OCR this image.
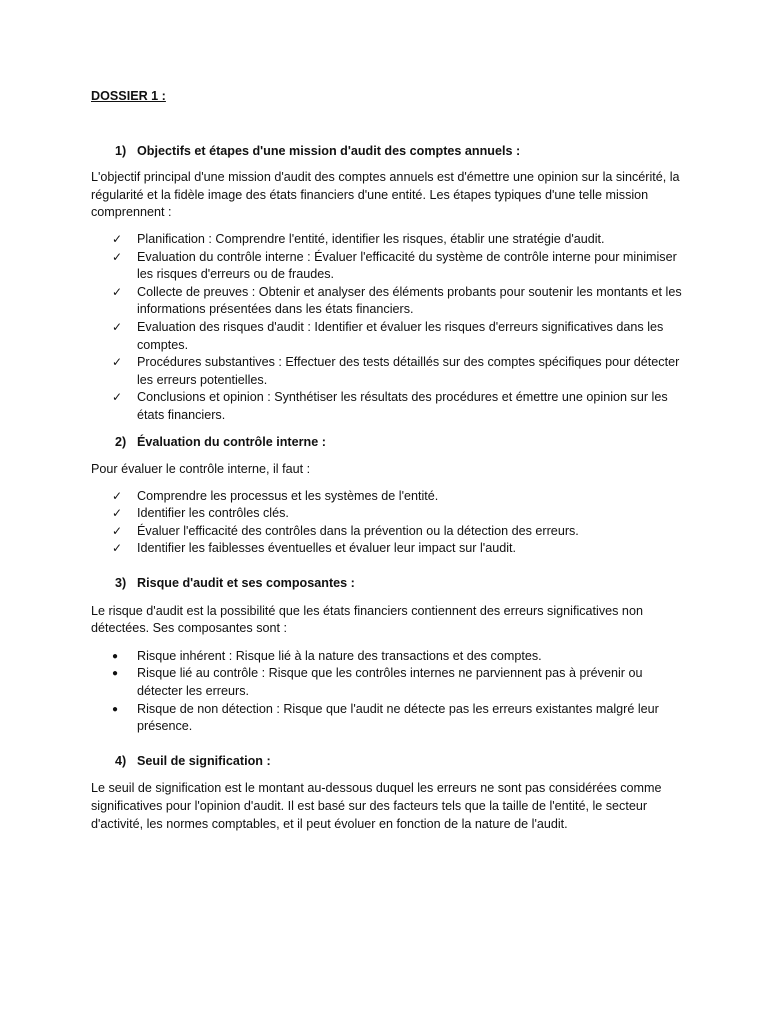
DOSSIER 1 :

1) Objectifs et étapes d'une mission d'audit des comptes annuels :

L'objectif principal d'une mission d'audit des comptes annuels est d'émettre une opinion sur la sincérité, la régularité et la fidèle image des états financiers d'une entité. Les étapes typiques d'une telle mission comprennent :

✓	Planification : Comprendre l'entité, identifier les risques, établir une stratégie d'audit.
✓	Evaluation du contrôle interne : Évaluer l'efficacité du système de contrôle interne pour minimiser les risques d'erreurs ou de fraudes.
✓	Collecte de preuves : Obtenir et analyser des éléments probants pour soutenir les montants et les informations présentées dans les états financiers.
✓	Evaluation des risques d'audit : Identifier et évaluer les risques d'erreurs significatives dans les comptes.
✓	Procédures substantives : Effectuer des tests détaillés sur des comptes spécifiques pour détecter les erreurs potentielles.
✓	Conclusions et opinion : Synthétiser les résultats des procédures et émettre une opinion sur les états financiers.
2) Évaluation du contrôle interne :

Pour évaluer le contrôle interne, il faut :

✓	Comprendre les processus et les systèmes de l'entité.
✓	Identifier les contrôles clés.
✓	Évaluer l'efficacité des contrôles dans la prévention ou la détection des erreurs.
✓	Identifier les faiblesses éventuelles et évaluer leur impact sur l'audit.
3) Risque d'audit et ses composantes :

Le risque d'audit est la possibilité que les états financiers contiennent des erreurs significatives non détectées. Ses composantes sont :

●	Risque inhérent : Risque lié à la nature des transactions et des comptes.
●	Risque lié au contrôle : Risque que les contrôles internes ne parviennent pas à prévenir ou détecter les erreurs.
●	Risque de non détection : Risque que l'audit ne détecte pas les erreurs existantes malgré leur présence.
4) Seuil de signification :

Le seuil de signification est le montant au-dessous duquel les erreurs ne sont pas considérées comme significatives pour l'opinion d'audit. Il est basé sur des facteurs tels que la taille de l'entité, le secteur d'activité, les normes comptables, et il peut évoluer en fonction de la nature de l'audit.
